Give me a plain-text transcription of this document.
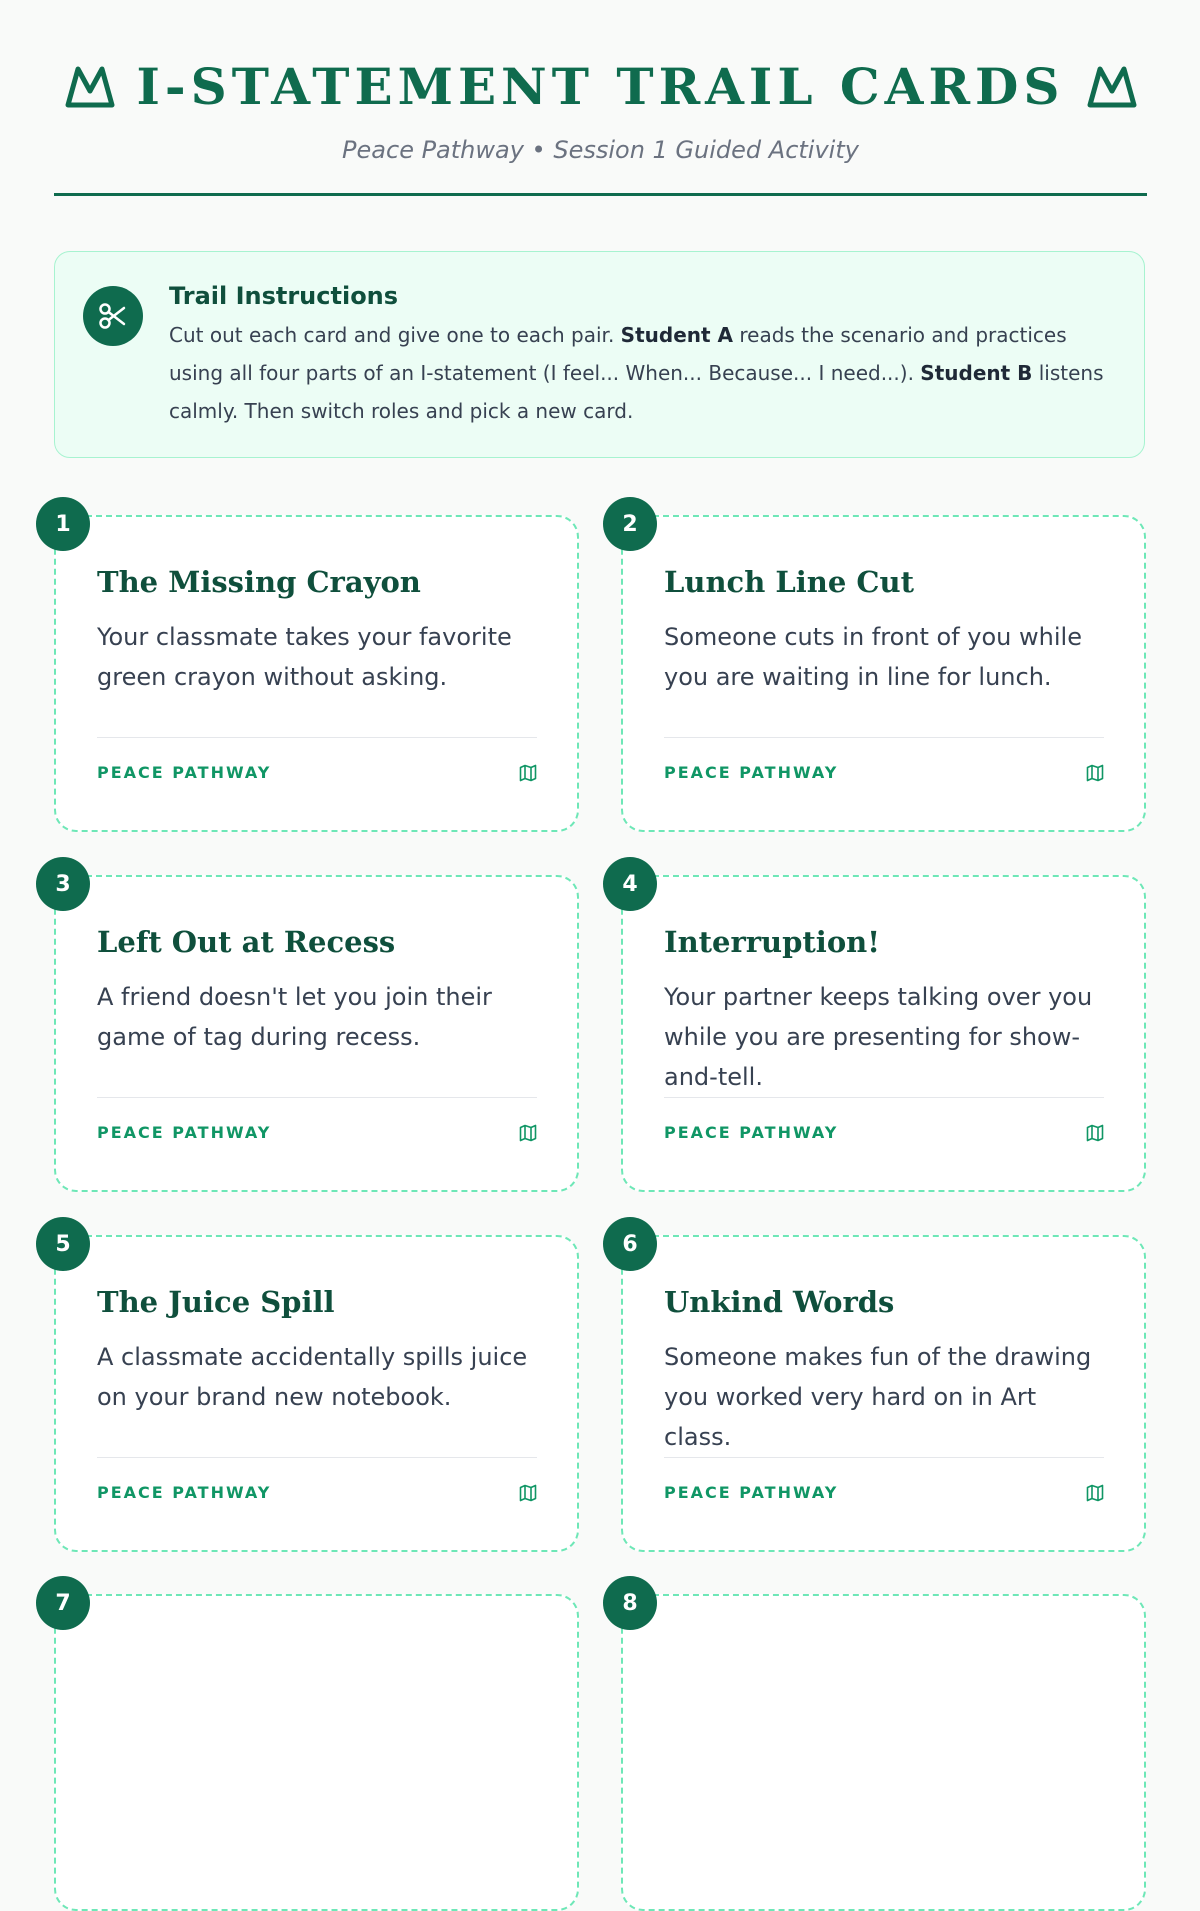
I-STATEMENT TRAIL CARDS
Peace Pathway • Session 1 Guided Activity
Trail Instructions
Cut out each card and give one to each pair. Student A reads the scenario and practices using all four parts of an I-statement (I feel... When... Because... I need...). Student B listens calmly. Then switch roles and pick a new card.
1
The Missing Crayon
Your classmate takes your favorite green crayon without asking.
PEACE PATHWAY
2
Lunch Line Cut
Someone cuts in front of you while you are waiting in line for lunch.
PEACE PATHWAY
3
Left Out at Recess
A friend doesn't let you join their game of tag during recess.
PEACE PATHWAY
4
Interruption!
Your partner keeps talking over you while you are presenting for show-and-tell.
PEACE PATHWAY
5
The Juice Spill
A classmate accidentally spills juice on your brand new notebook.
PEACE PATHWAY
6
Unkind Words
Someone makes fun of the drawing you worked very hard on in Art class.
PEACE PATHWAY
7	8
